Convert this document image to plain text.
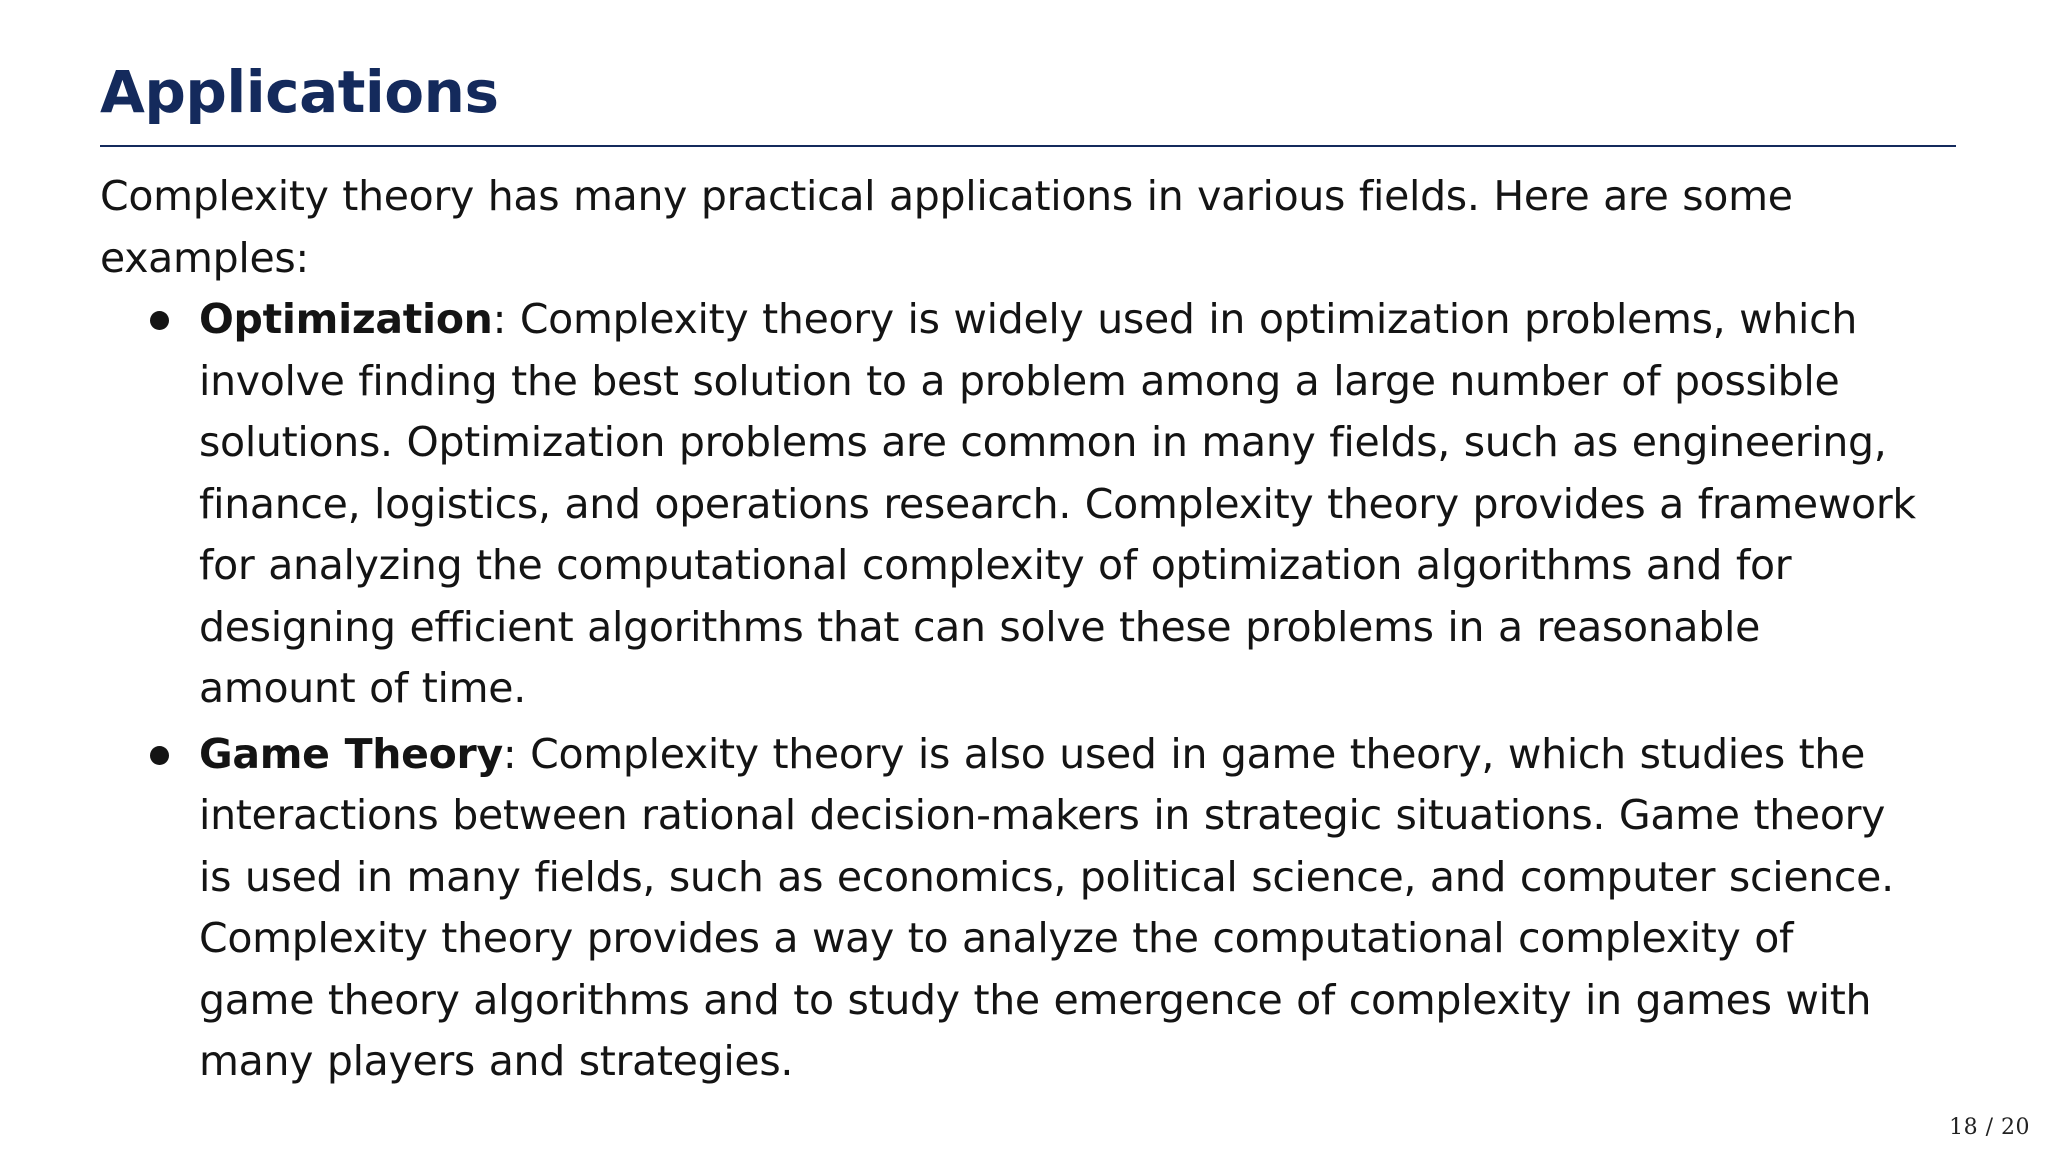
Applications

Complexity theory has many practical applications in various fields. Here are some examples:

Optimization: Complexity theory is widely used in optimization problems, which involve finding the best solution to a problem among a large number of possible solutions. Optimization problems are common in many fields, such as engineering, finance, logistics, and operations research. Complexity theory provides a framework for analyzing the computational complexity of optimization algorithms and for designing efficient algorithms that can solve these problems in a reasonable amount of time.
Game Theory: Complexity theory is also used in game theory, which studies the interactions between rational decision-makers in strategic situations. Game theory is used in many fields, such as economics, political science, and computer science. Complexity theory provides a way to analyze the computational complexity of game theory algorithms and to study the emergence of complexity in games with many players and strategies.
18 / 20
